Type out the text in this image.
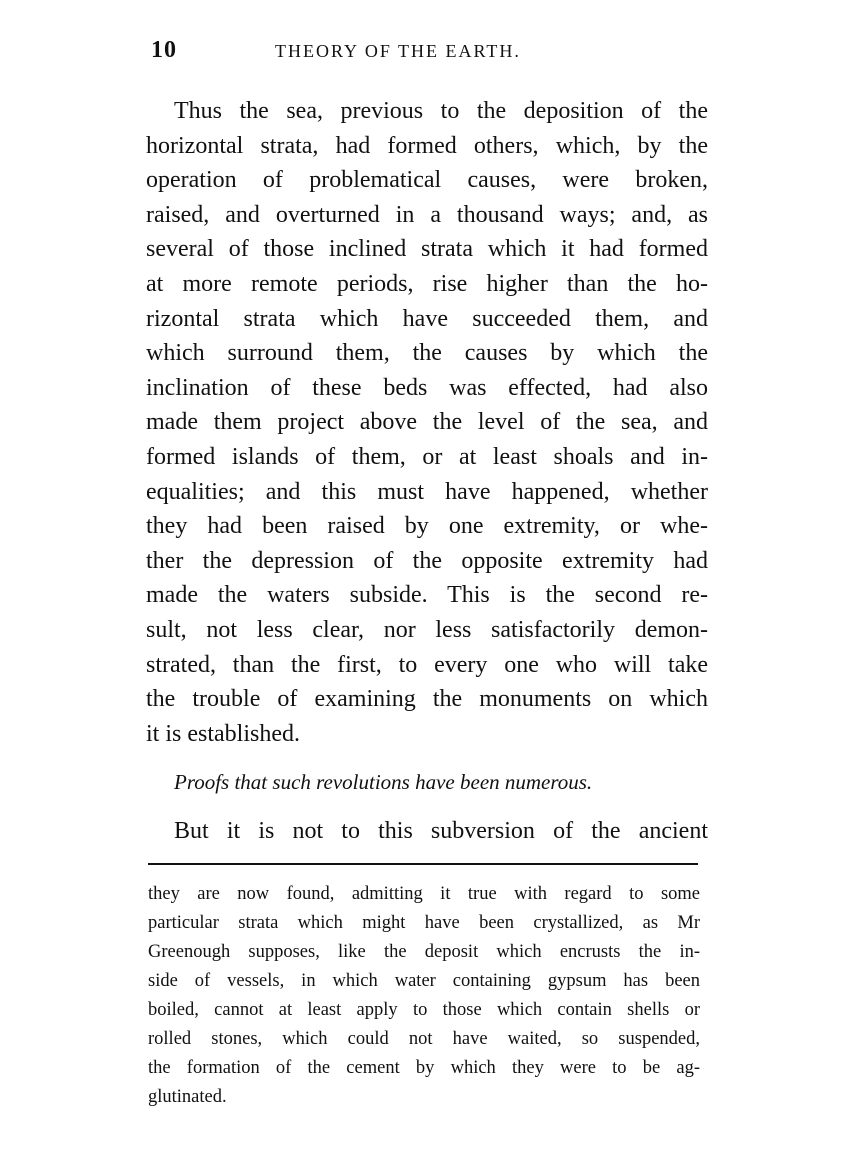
10	THEORY OF THE EARTH.
Thus the sea, previous to the deposition of the
horizontal strata, had formed others, which, by the
operation of problematical causes, were broken,
raised, and overturned in a thousand ways; and, as
several of those inclined strata which it had formed
at more remote periods, rise higher than the ho-
rizontal strata which have succeeded them, and
which surround them, the causes by which the
inclination of these beds was effected, had also
made them project above the level of the sea, and
formed islands of them, or at least shoals and in-
equalities; and this must have happened, whether
they had been raised by one extremity, or whe-
ther the depression of the opposite extremity had
made the waters subside. This is the second re-
sult, not less clear, nor less satisfactorily demon-
strated, than the first, to every one who will take
the trouble of examining the monuments on which
it is established.
Proofs that such revolutions have been numerous.
But it is not to this subversion of the ancient
they are now found, admitting it true with regard to some
particular strata which might have been crystallized, as Mr
Greenough supposes, like the deposit which encrusts the in-
side of vessels, in which water containing gypsum has been
boiled, cannot at least apply to those which contain shells or
rolled stones, which could not have waited, so suspended,
the formation of the cement by which they were to be ag-
glutinated.
